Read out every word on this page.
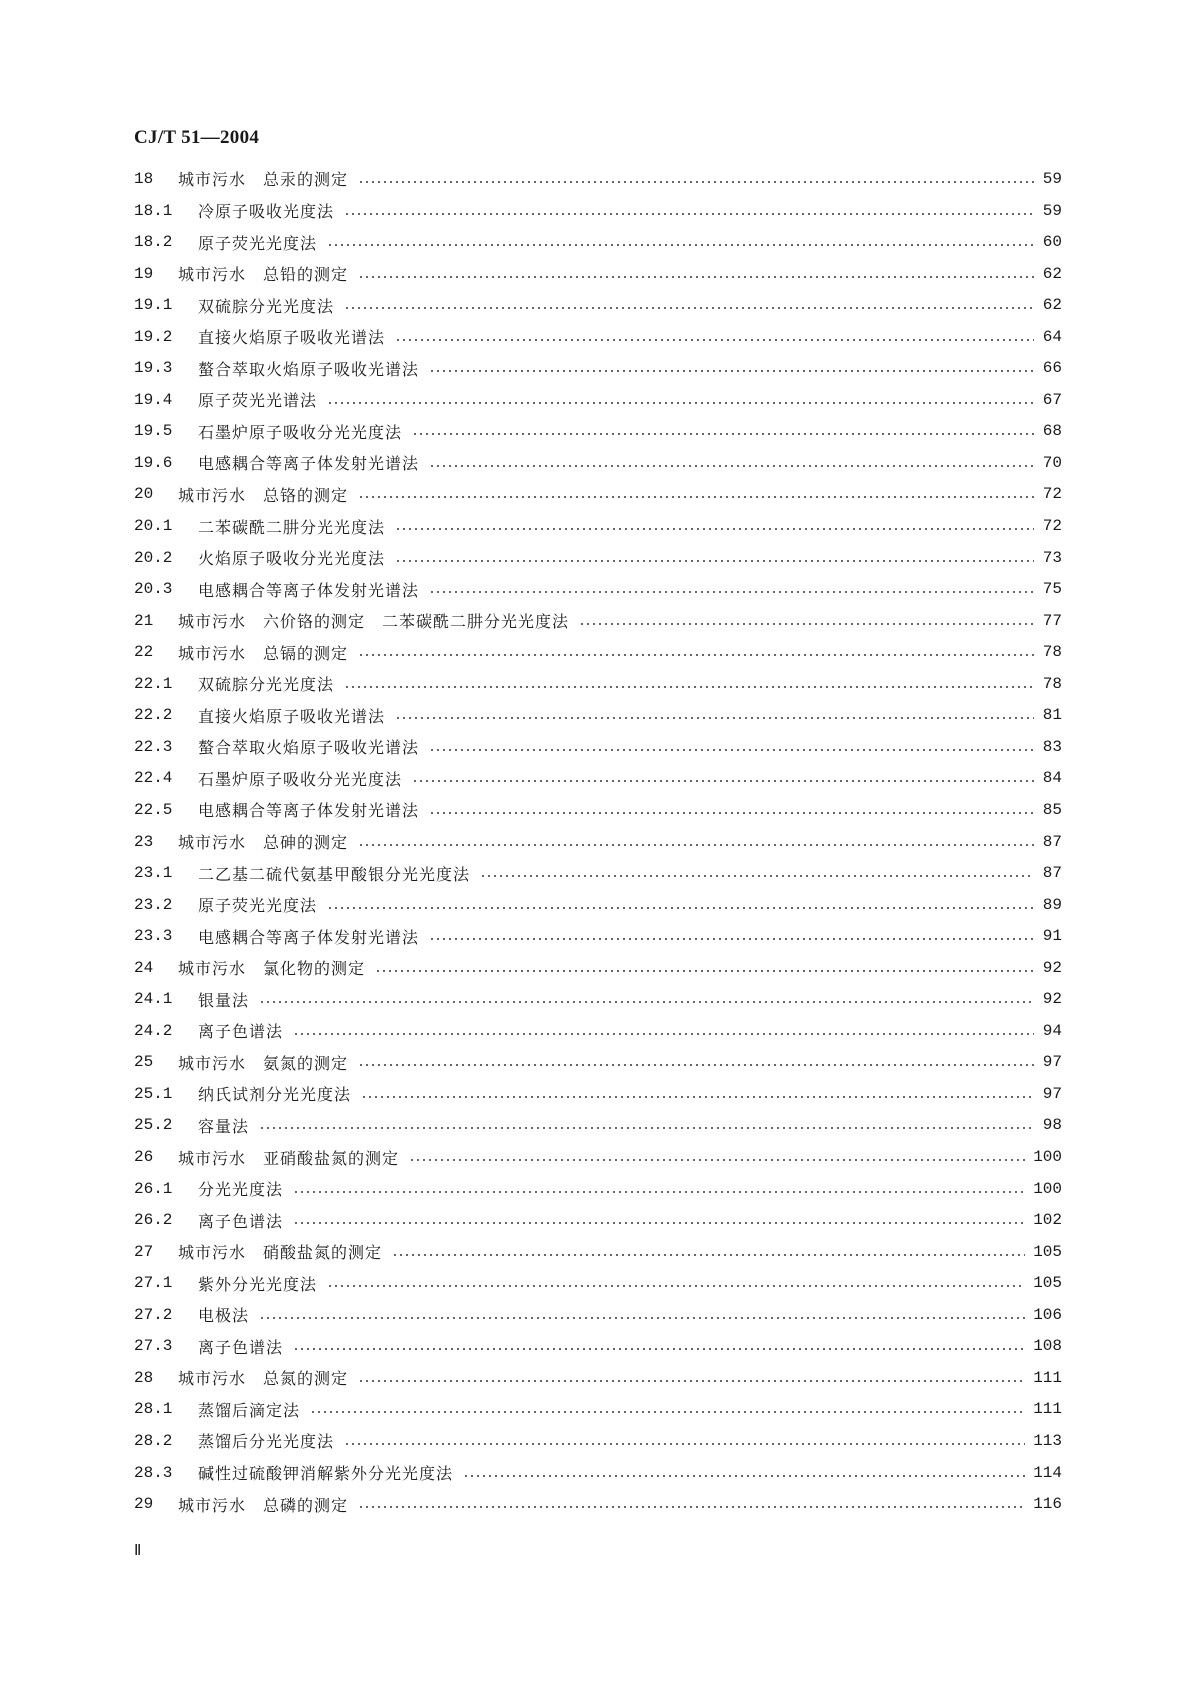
CJ/T 51—2004
18	城市污水　总汞的测定	59
18.1	冷原子吸收光度法	59
18.2	原子荧光光度法	60
19	城市污水　总铅的测定	62
19.1	双硫腙分光光度法	62
19.2	直接火焰原子吸收光谱法	64
19.3	螯合萃取火焰原子吸收光谱法	66
19.4	原子荧光光谱法	67
19.5	石墨炉原子吸收分光光度法	68
19.6	电感耦合等离子体发射光谱法	70
20	城市污水　总铬的测定	72
20.1	二苯碳酰二肼分光光度法	72
20.2	火焰原子吸收分光光度法	73
20.3	电感耦合等离子体发射光谱法	75
21	城市污水　六价铬的测定　二苯碳酰二肼分光光度法	77
22	城市污水　总镉的测定	78
22.1	双硫腙分光光度法	78
22.2	直接火焰原子吸收光谱法	81
22.3	螯合萃取火焰原子吸收光谱法	83
22.4	石墨炉原子吸收分光光度法	84
22.5	电感耦合等离子体发射光谱法	85
23	城市污水　总砷的测定	87
23.1	二乙基二硫代氨基甲酸银分光光度法	87
23.2	原子荧光光度法	89
23.3	电感耦合等离子体发射光谱法	91
24	城市污水　氯化物的测定	92
24.1	银量法	92
24.2	离子色谱法	94
25	城市污水　氨氮的测定	97
25.1	纳氏试剂分光光度法	97
25.2	容量法	98
26	城市污水　亚硝酸盐氮的测定	100
26.1	分光光度法	100
26.2	离子色谱法	102
27	城市污水　硝酸盐氮的测定	105
27.1	紫外分光光度法	105
27.2	电极法	106
27.3	离子色谱法	108
28	城市污水　总氮的测定	111
28.1	蒸馏后滴定法	111
28.2	蒸馏后分光光度法	113
28.3	碱性过硫酸钾消解紫外分光光度法	114
29	城市污水　总磷的测定	116
Ⅱ
